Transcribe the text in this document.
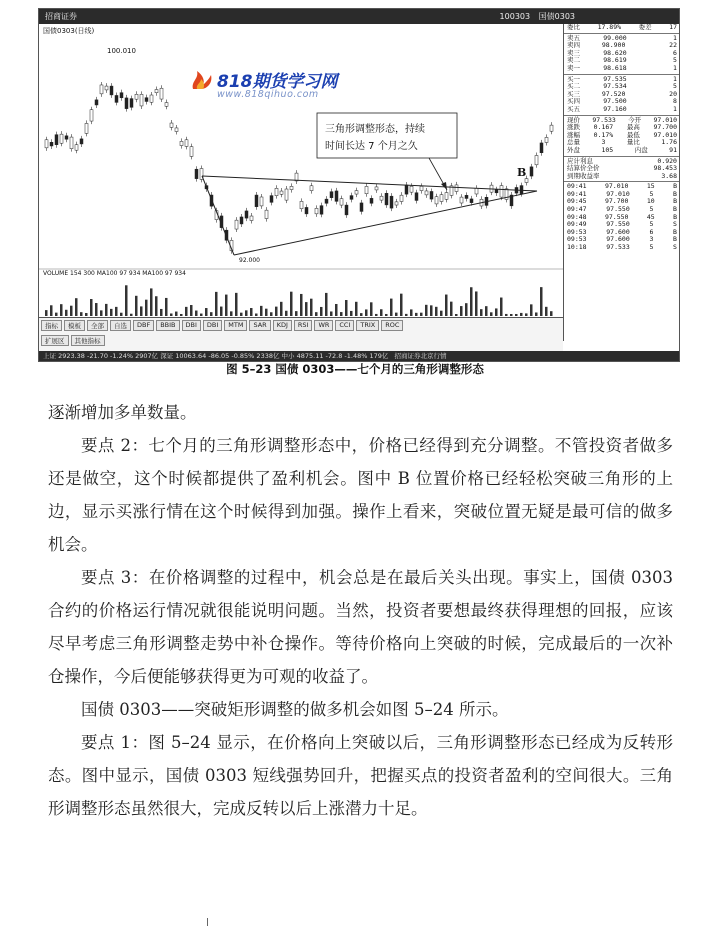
招商证券	100303 国债0303
国债0303(日线)
100.010
92.000
VOLUME 154 300 MA100 97 934 MA100 97 934
三角形调整形态，持续
时间长达 7 个月之久
B
818期货学习网
www.818qihuo.com
委比	17.89%	委差	17
卖五	99.000	1
卖四	98.900	22
卖三	98.620	6
卖二	98.619	5
卖一	98.618	1
买一	97.535	1
买二	97.534	5
买三	97.520	20
买四	97.500	8
买五	97.160	1
现价 97.533 今开 97.010
涨跌 0.167 最高 97.700
涨幅 0.17% 最低 97.010
总量	3	量比	1.76
外盘	105	内盘	91
应计利息	0.920
结算价全价	98.453
到期收益率	3.68
09:41	97.010	15	B
09:41	97.010	5	B
09:45	97.700	10	B
09:47	97.550	5	B
09:48	97.550	45	B
09:49	97.550	5	S
09:53	97.600	6	B
09:53	97.600	3	B
10:18	97.533	5	S
指标	模板	全部	自选	DBF	BBIB	DBI	DBI	MTM	SAR	KDJ	RSI	WR	CCI	TRIX	ROC
扩展区	其他指标
上证 2923.38 -21.70 -1.24% 2907亿 深证 10063.64 -86.05 -0.85% 2338亿 中小 4875.11 -72.8 -1.48% 179亿 招商证券北京行情
图 5–23 国债 0303——七个月的三角形调整形态

逐渐增加多单数量。

要点 2：七个月的三角形调整形态中，价格已经得到充分调整。不管投资者做多还是做空，这个时候都提供了盈利机会。图中 B 位置价格已经轻松突破三角形的上边，显示买涨行情在这个时候得到加强。操作上看来，突破位置无疑是最可信的做多机会。

要点 3：在价格调整的过程中，机会总是在最后关头出现。事实上，国债 0303 合约的价格运行情况就很能说明问题。当然，投资者要想最终获得理想的回报，应该尽早考虑三角形调整走势中补仓操作。等待价格向上突破的时候，完成最后的一次补仓操作，今后便能够获得更为可观的收益了。

国债 0303——突破矩形调整的做多机会如图 5–24 所示。

要点 1：图 5–24 显示，在价格向上突破以后，三角形调整形态已经成为反转形态。图中显示，国债 0303 短线强势回升，把握买点的投资者盈利的空间很大。三角形调整形态虽然很大，完成反转以后上涨潜力十足。
